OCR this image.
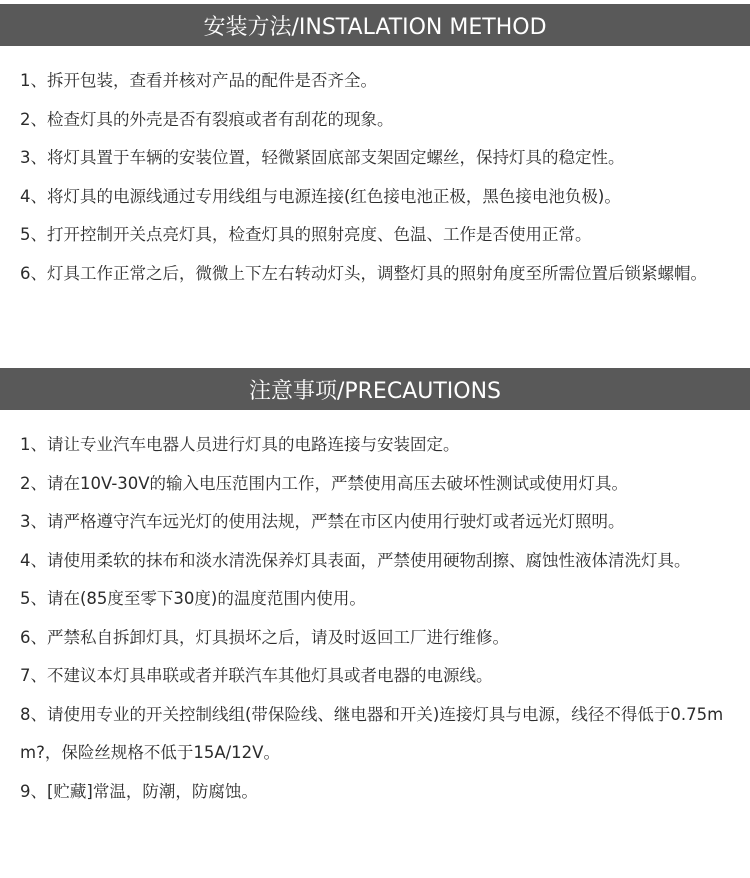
安装方法/INSTALATION METHOD
1、拆开包装，查看并核对产品的配件是否齐全。
2、检查灯具的外壳是否有裂痕或者有刮花的现象。
3、将灯具置于车辆的安装位置，轻微紧固底部支架固定螺丝，保持灯具的稳定性。
4、将灯具的电源线通过专用线组与电源连接(红色接电池正极，黑色接电池负极)。
5、打开控制开关点亮灯具，检查灯具的照射亮度、色温、工作是否使用正常。
6、灯具工作正常之后，微微上下左右转动灯头，调整灯具的照射角度至所需位置后锁紧螺帽。
注意事项/PRECAUTIONS
1、请让专业汽车电器人员进行灯具的电路连接与安装固定。
2、请在10V-30V的输入电压范围内工作，严禁使用高压去破坏性测试或使用灯具。
3、请严格遵守汽车远光灯的使用法规，严禁在市区内使用行驶灯或者远光灯照明。
4、请使用柔软的抹布和淡水清洗保养灯具表面，严禁使用硬物刮擦、腐蚀性液体清洗灯具。
5、请在(85度至零下30度)的温度范围内使用。
6、严禁私自拆卸灯具，灯具损坏之后，请及时返回工厂进行维修。
7、不建议本灯具串联或者并联汽车其他灯具或者电器的电源线。
8、请使用专业的开关控制线组(带保险线、继电器和开关)连接灯具与电源，线径不得低于0.75mm?，保险丝规格不低于15A/12V。
9、[贮藏]常温，防潮，防腐蚀。
